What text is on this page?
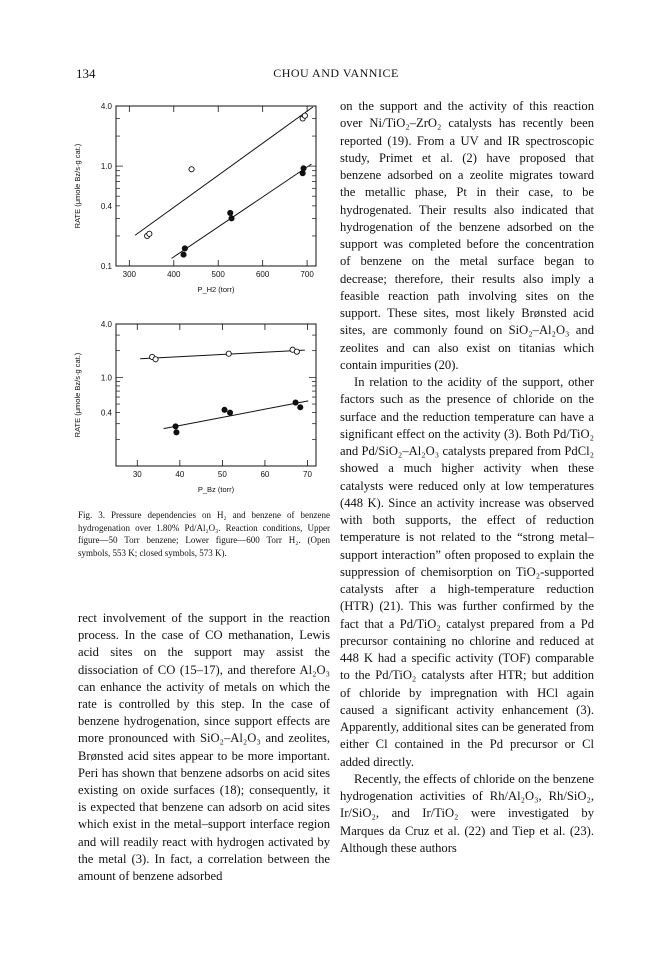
134	CHOU AND VANNICE
300	400	500	600	700
4.0
1.0
0.4
0.1
P_H2 (torr)
RATE (μmole Bz/s·g cat.)
30	40	50	60	70
4.0
1.0
0.4
P_Bz (torr)
RATE (μmole Bz/s·g cat.)
Fig. 3. Pressure dependencies on H₂ and benzene of benzene hydrogenation over 1.80% Pd/Al₂O₃. Reaction conditions, Upper figure—50 Torr benzene; Lower figure—600 Torr H₂. (Open symbols, 553 K; closed symbols, 573 K).

rect involvement of the support in the reaction process. In the case of CO methanation, Lewis acid sites on the support may assist the dissociation of CO (15–17), and therefore Al₂O₃ can enhance the activity of metals on which the rate is controlled by this step. In the case of benzene hydrogenation, since support effects are more pronounced with SiO₂–Al₂O₃ and zeolites, Brønsted acid sites appear to be more important. Peri has shown that benzene adsorbs on acid sites existing on oxide surfaces (18); consequently, it is expected that benzene can adsorb on acid sites which exist in the metal–support interface region and will readily react with hydrogen activated by the metal (3). In fact, a correlation between the amount of benzene adsorbed

on the support and the activity of this reaction over Ni/TiO₂–ZrO₂ catalysts has recently been reported (19). From a UV and IR spectroscopic study, Primet et al. (2) have proposed that benzene adsorbed on a zeolite migrates toward the metallic phase, Pt in their case, to be hydrogenated. Their results also indicated that hydrogenation of the benzene adsorbed on the support was completed before the concentration of benzene on the metal surface began to decrease; therefore, their results also imply a feasible reaction path involving sites on the support. These sites, most likely Brønsted acid sites, are commonly found on SiO₂–Al₂O₃ and zeolites and can also exist on titanias which contain impurities (20).

In relation to the acidity of the support, other factors such as the presence of chloride on the surface and the reduction temperature can have a significant effect on the activity (3). Both Pd/TiO₂ and Pd/SiO₂–Al₂O₃ catalysts prepared from PdCl₂ showed a much higher activity when these catalysts were reduced only at low temperatures (448 K). Since an activity increase was observed with both supports, the effect of reduction temperature is not related to the “strong metal–support interaction” often proposed to explain the suppression of chemisorption on TiO₂-supported catalysts after a high-temperature reduction (HTR) (21). This was further confirmed by the fact that a Pd/TiO₂ catalyst prepared from a Pd precursor containing no chlorine and reduced at 448 K had a specific activity (TOF) comparable to the Pd/TiO₂ catalysts after HTR; but addition of chloride by impregnation with HCl again caused a significant activity enhancement (3). Apparently, additional sites can be generated from either Cl contained in the Pd precursor or Cl added directly.

Recently, the effects of chloride on the benzene hydrogenation activities of Rh/Al₂O₃, Rh/SiO₂, Ir/SiO₂, and Ir/TiO₂ were investigated by Marques da Cruz et al. (22) and Tiep et al. (23). Although these authors
